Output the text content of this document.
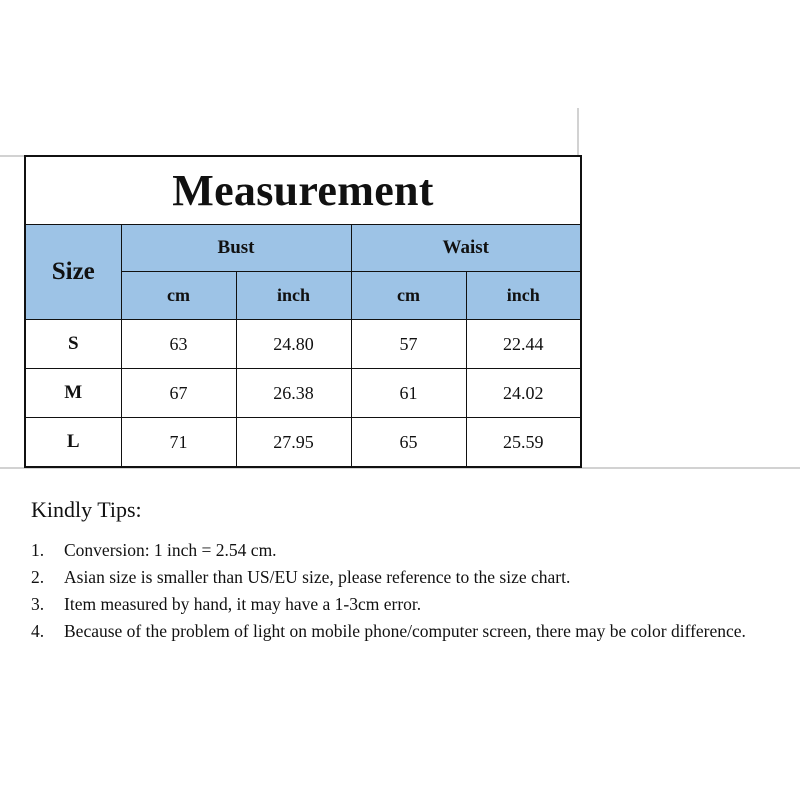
Measurement				
Size	Bust		Waist	
	cm	inch	cm	inch
S	63	24.80	57	22.44
M	67	26.38	61	24.02
L	71	27.95	65	25.59

Kindly Tips:

1.	Conversion: 1 inch = 2.54 cm.
2.	Asian size is smaller than US/EU size, please reference to the size chart.
3.	Item measured by hand, it may have a 1-3cm error.
4.	Because of the problem of light on mobile phone/computer screen, there may be color difference.
